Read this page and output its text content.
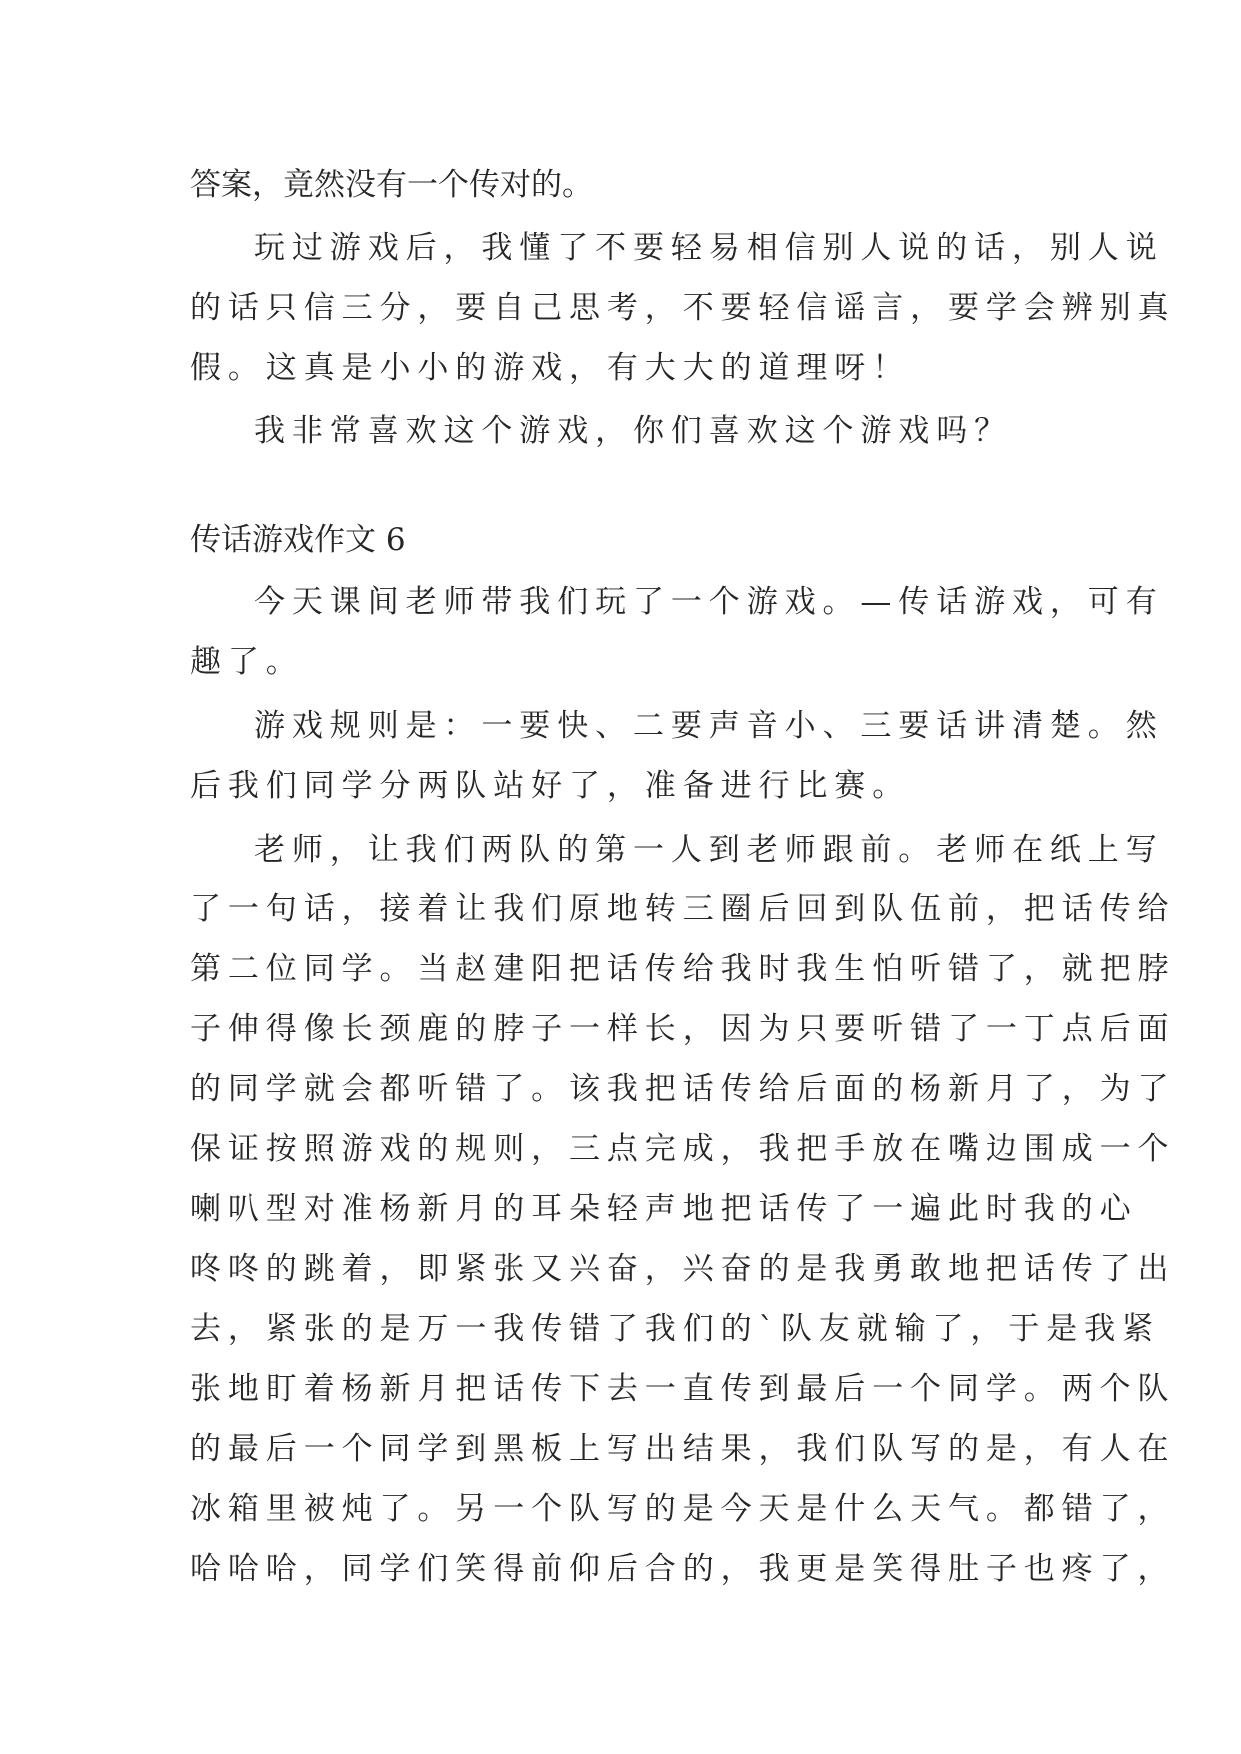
答案，竟然没有一个传对的。
玩过游戏后，我懂了不要轻易相信别人说的话，别人说
的话只信三分，要自己思考，不要轻信谣言，要学会辨别真
假。这真是小小的游戏，有大大的道理呀！
我非常喜欢这个游戏，你们喜欢这个游戏吗？
传话游戏作文 6
今天课间老师带我们玩了一个游戏。—传话游戏，可有
趣了。
游戏规则是：一要快、二要声音小、三要话讲清楚。然
后我们同学分两队站好了，准备进行比赛。
老师，让我们两队的第一人到老师跟前。老师在纸上写
了一句话，接着让我们原地转三圈后回到队伍前，把话传给
第二位同学。当赵建阳把话传给我时我生怕听错了，就把脖
子伸得像长颈鹿的脖子一样长，因为只要听错了一丁点后面
的同学就会都听错了。该我把话传给后面的杨新月了，为了
保证按照游戏的规则，三点完成，我把手放在嘴边围成一个
喇叭型对准杨新月的耳朵轻声地把话传了一遍此时我的心
咚咚的跳着，即紧张又兴奋，兴奋的是我勇敢地把话传了出
去，紧张的是万一我传错了我们的`队友就输了，于是我紧
张地盯着杨新月把话传下去一直传到最后一个同学。两个队
的最后一个同学到黑板上写出结果，我们队写的是，有人在
冰箱里被炖了。另一个队写的是今天是什么天气。都错了，
哈哈哈，同学们笑得前仰后合的，我更是笑得肚子也疼了，
